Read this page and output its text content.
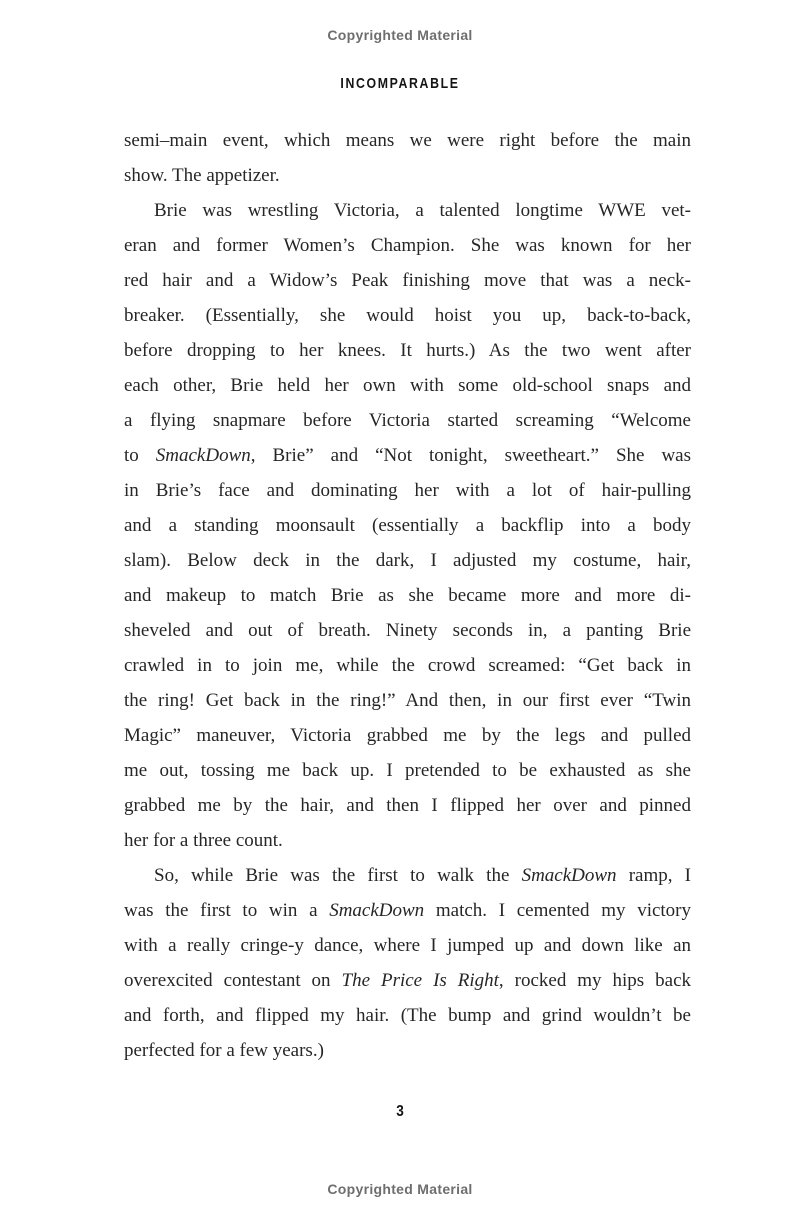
Copyrighted Material
INCOMPARABLE
semi–main event, which means we were right before the main
show. The appetizer.
Brie was wrestling Victoria, a talented longtime WWE vet-
eran and former Women’s Champion. She was known for her
red hair and a Widow’s Peak finishing move that was a neck-
breaker. (Essentially, she would hoist you up, back-to-back,
before dropping to her knees. It hurts.) As the two went after
each other, Brie held her own with some old-school snaps and
a flying snapmare before Victoria started screaming “Welcome
to SmackDown, Brie” and “Not tonight, sweetheart.” She was
in Brie’s face and dominating her with a lot of hair-pulling
and a standing moonsault (essentially a backflip into a body
slam). Below deck in the dark, I adjusted my costume, hair,
and makeup to match Brie as she became more and more di-
sheveled and out of breath. Ninety seconds in, a panting Brie
crawled in to join me, while the crowd screamed: “Get back in
the ring! Get back in the ring!” And then, in our first ever “Twin
Magic” maneuver, Victoria grabbed me by the legs and pulled
me out, tossing me back up. I pretended to be exhausted as she
grabbed me by the hair, and then I flipped her over and pinned
her for a three count.
So, while Brie was the first to walk the SmackDown ramp, I
was the first to win a SmackDown match. I cemented my victory
with a really cringe-y dance, where I jumped up and down like an
overexcited contestant on The Price Is Right, rocked my hips back
and forth, and flipped my hair. (The bump and grind wouldn’t be
perfected for a few years.)
3
Copyrighted Material
